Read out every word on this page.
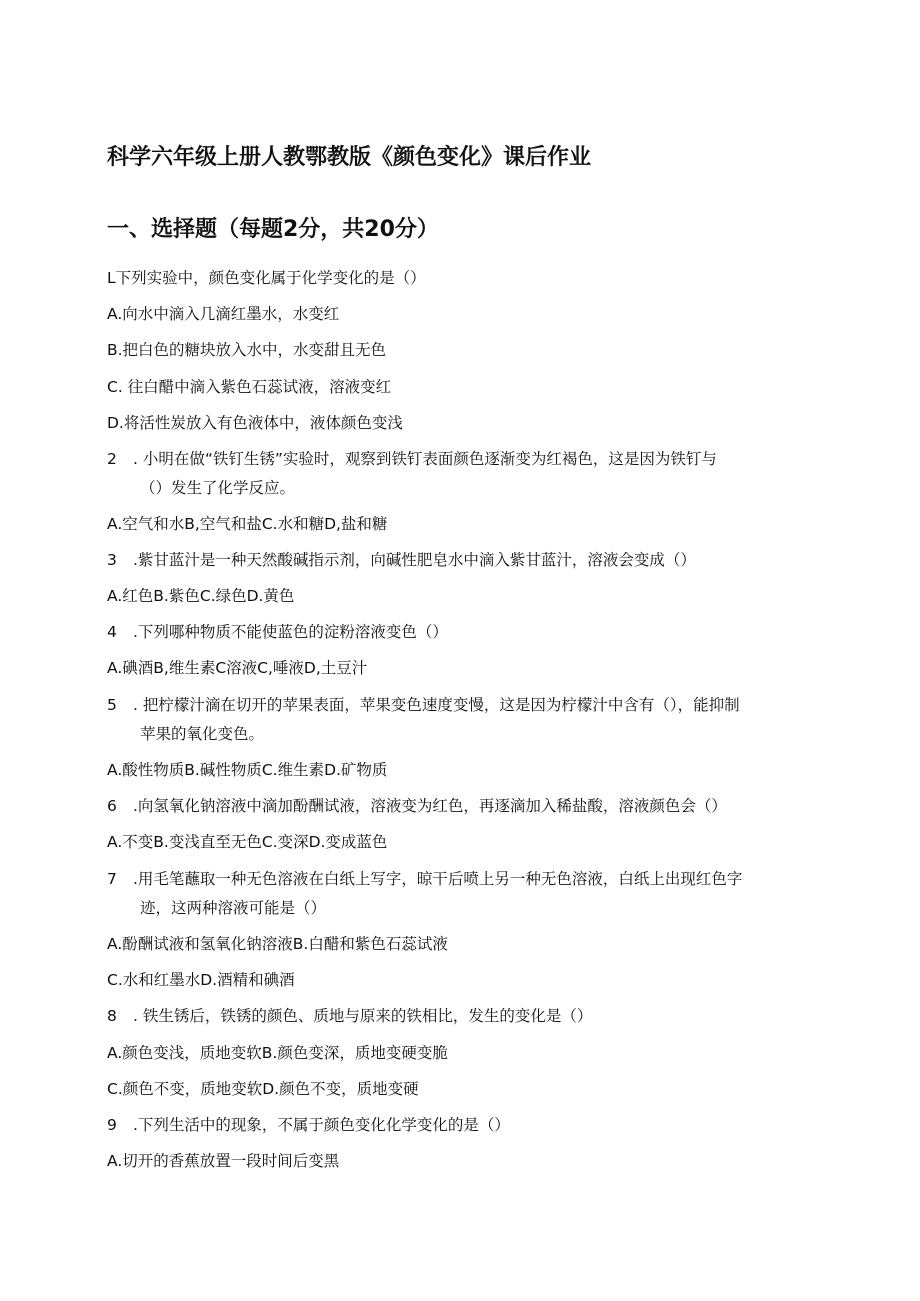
科学六年级上册人教鄂教版《颜色变化》课后作业
一、选择题（每题2分，共20分）

L下列实验中，颜色变化属于化学变化的是（）

A.向水中滴入几滴红墨水，水变红

B.把白色的糖块放入水中，水变甜且无色

C. 往白醋中滴入紫色石蕊试液，溶液变红

D.将活性炭放入有色液体中，液体颜色变浅

2 . 小明在做“铁钉生锈”实验时，观察到铁钉表面颜色逐渐变为红褐色，这是因为铁钉与

（）发生了化学反应。

A.空气和水B,空气和盐C.水和糖D,盐和糖

3 .紫甘蓝汁是一种天然酸碱指示剂，向碱性肥皂水中滴入紫甘蓝汁，溶液会变成（）

A.红色B.紫色C.绿色D.黄色

4 .下列哪种物质不能使蓝色的淀粉溶液变色（）

A.碘酒B,维生素C溶液C,唾液D,土豆汁

5 . 把柠檬汁滴在切开的苹果表面，苹果变色速度变慢，这是因为柠檬汁中含有（），能抑制

苹果的氧化变色。

A.酸性物质B.碱性物质C.维生素D.矿物质

6 .向氢氧化钠溶液中滴加酚酬试液，溶液变为红色，再逐滴加入稀盐酸，溶液颜色会（）

A.不变B.变浅直至无色C.变深D.变成蓝色

7 .用毛笔蘸取一种无色溶液在白纸上写字，晾干后喷上另一种无色溶液，白纸上出现红色字

迹，这两种溶液可能是（）

A.酚酬试液和氢氧化钠溶液B.白醋和紫色石蕊试液

C.水和红墨水D.酒精和碘酒

8 . 铁生锈后，铁锈的颜色、质地与原来的铁相比，发生的变化是（）

A.颜色变浅，质地变软B.颜色变深，质地变硬变脆

C.颜色不变，质地变软D.颜色不变，质地变硬

9 .下列生活中的现象，不属于颜色变化化学变化的是（）

A.切开的香蕉放置一段时间后变黑
